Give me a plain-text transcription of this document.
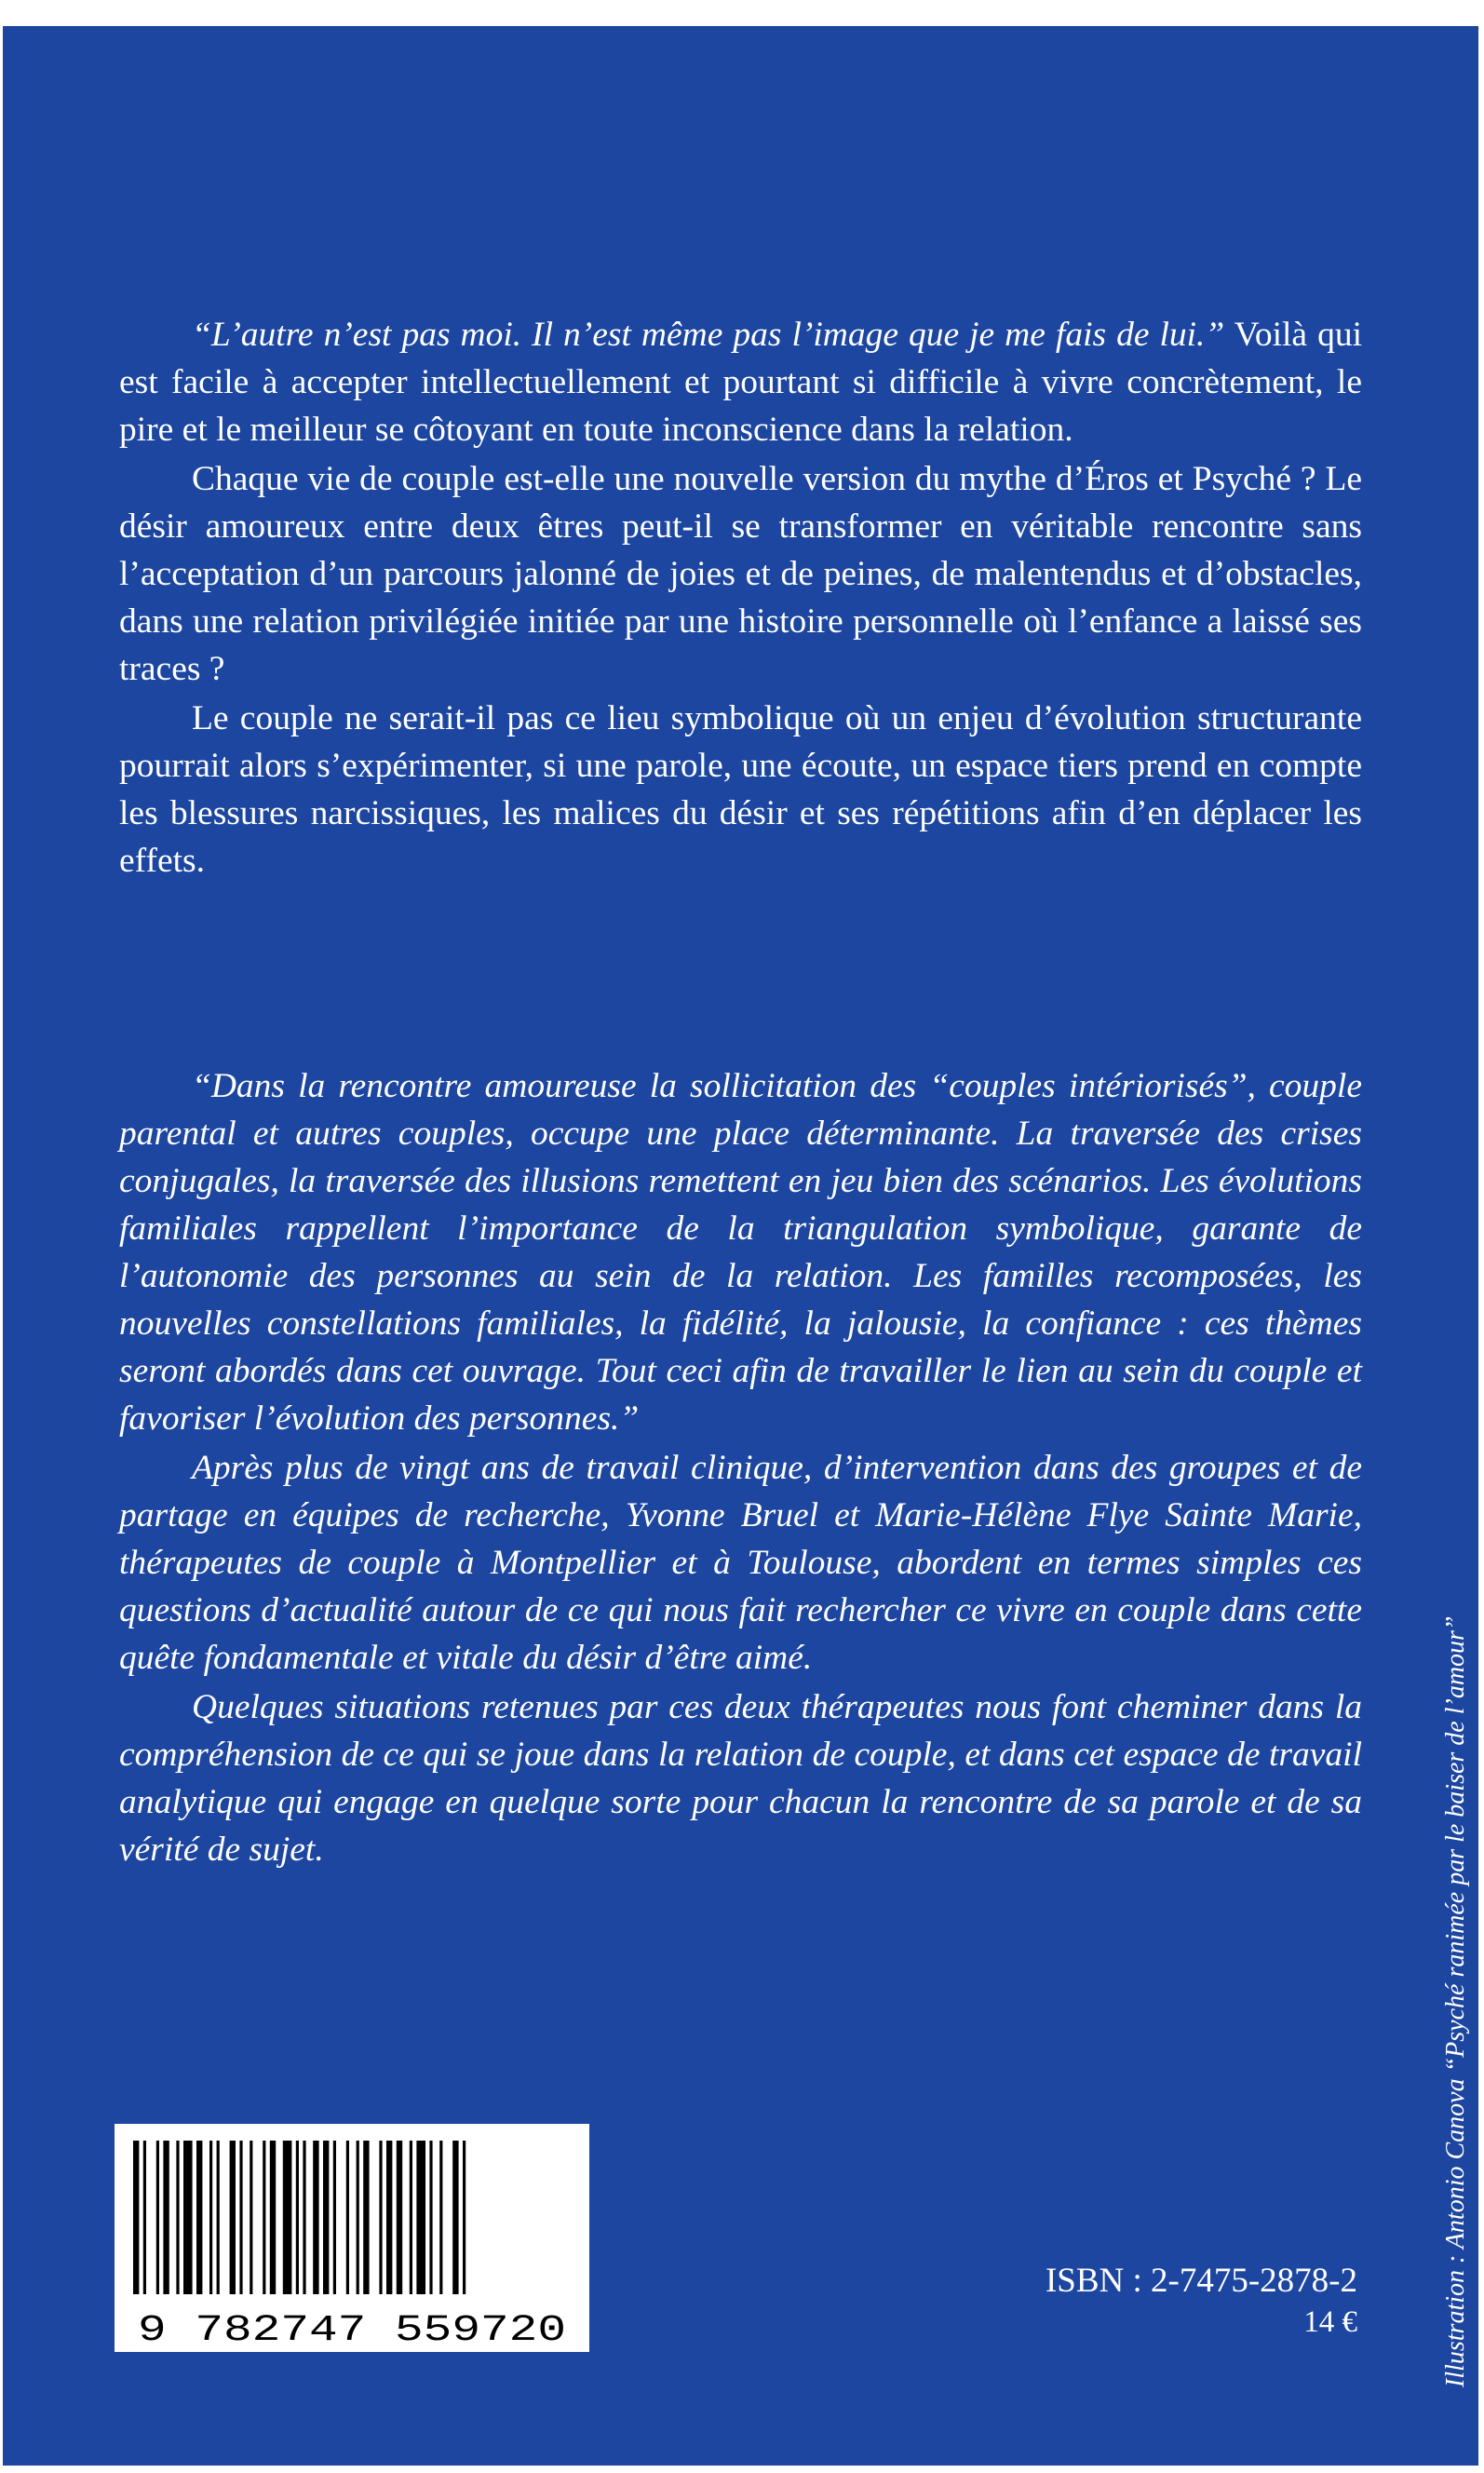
“L’autre n’est pas moi. Il n’est même pas l’image que je me fais de lui.” Voilà qui est facile à accepter intellectuellement et pourtant si difficile à vivre concrètement, le pire et le meilleur se côtoyant en toute inconscience dans la relation.

Chaque vie de couple est-elle une nouvelle version du mythe d’Éros et Psyché ? Le désir amoureux entre deux êtres peut-il se transformer en véritable rencontre sans l’acceptation d’un parcours jalonné de joies et de peines, de malentendus et d’obstacles, dans une relation privilégiée initiée par une histoire personnelle où l’enfance a laissé ses traces ?

Le couple ne serait-il pas ce lieu symbolique où un enjeu d’évolution structurante pourrait alors s’expérimenter, si une parole, une écoute, un espace tiers prend en compte les blessures narcissiques, les malices du désir et ses répétitions afin d’en déplacer les effets.

“Dans la rencontre amoureuse la sollicitation des “couples intériorisés”, couple parental et autres couples, occupe une place déterminante. La traversée des crises conjugales, la traversée des illusions remettent en jeu bien des scénarios. Les évolutions familiales rappellent l’importance de la triangulation symbolique, garante de l’autonomie des personnes au sein de la relation. Les familles recomposées, les nouvelles constellations familiales, la fidélité, la jalousie, la confiance : ces thèmes seront abordés dans cet ouvrage. Tout ceci afin de travailler le lien au sein du couple et favoriser l’évolution des personnes.”

Après plus de vingt ans de travail clinique, d’intervention dans des groupes et de partage en équipes de recherche, Yvonne Bruel et Marie-Hélène Flye Sainte Marie, thérapeutes de couple à Montpellier et à Toulouse, abordent en termes simples ces questions d’actualité autour de ce qui nous fait rechercher ce vivre en couple dans cette quête fondamentale et vitale du désir d’être aimé.

Quelques situations retenues par ces deux thérapeutes nous font cheminer dans la compréhension de ce qui se joue dans la relation de couple, et dans cet espace de travail analytique qui engage en quelque sorte pour chacun la rencontre de sa parole et de sa vérité de sujet.

9 782747 559720
ISBN : 2-7475-2878-2
14 €	Illustration : Antonio Canova “Psyché ranimée par le baiser de l’amour”
